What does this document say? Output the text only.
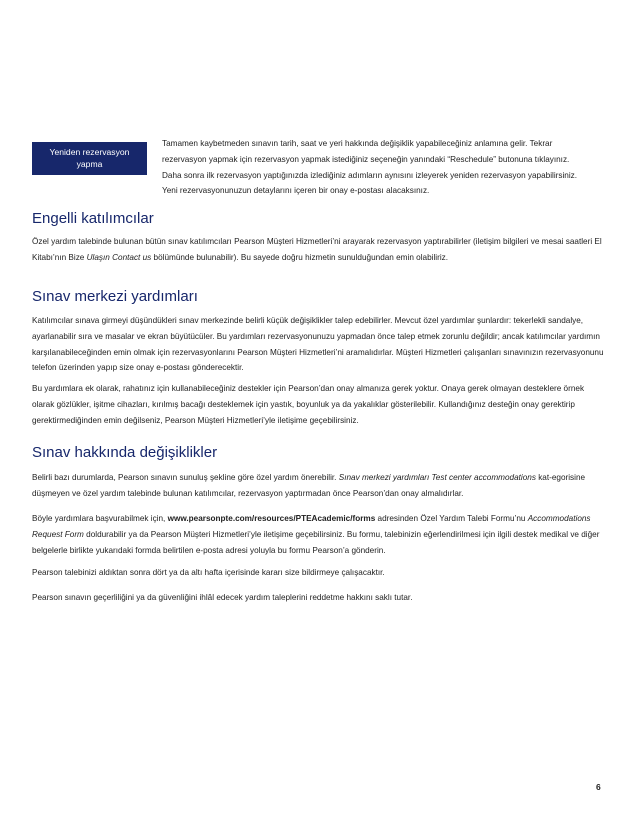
Yeniden rezervasyon yapma

Tamamen kaybetmeden sınavın tarih, saat ve yeri hakkında değişiklik yapabileceğiniz anlamına gelir. Tekrar

rezervasyon yapmak için rezervasyon yapmak istediğiniz seçeneğin yanındaki “Reschedule” butonuna tıklayınız.

Daha sonra ilk rezervasyon yaptığınızda izlediğiniz adımların aynısını izleyerek yeniden rezervasyon yapabilirsiniz.

Yeni rezervasyonunuzun detaylarını içeren bir onay e-postası alacaksınız.

Engelli katılımcılar

Özel yardım talebinde bulunan bütün sınav katılımcıları Pearson Müşteri Hizmetleri’ni arayarak rezervasyon yaptırabilirler (iletişim bilgileri ve mesai saatleri El Kitabı’nın Bize Ulaşın Contact us bölümünde bulunabilir). Bu sayede doğru hizmetin sunulduğundan emin olabiliriz.

Sınav merkezi yardımları

Katılımcılar sınava girmeyi düşündükleri sınav merkezinde belirli küçük değişiklikler talep edebilirler. Mevcut özel yardımlar şunlardır: tekerlekli sandalye, ayarlanabilir sıra ve masalar ve ekran büyütücüler. Bu yardımları rezervasyonunuzu yapmadan önce talep etmek zorunlu değildir; ancak katılımcılar yardımın karşılanabileceğinden emin olmak için rezervasyonlarını Pearson Müşteri Hizmetleri’ni aramalıdırlar. Müşteri Hizmetleri çalışanları sınavınızın rezervasyonunu telefon üzerinden yapıp size onay e-postası gönderecektir.

Bu yardımlara ek olarak, rahatınız için kullanabileceğiniz destekler için Pearson’dan onay almanıza gerek yoktur. Onaya gerek olmayan desteklere örnek olarak gözlükler, işitme cihazları, kırılmış bacağı desteklemek için yastık, boyunluk ya da yakalıklar gösterilebilir. Kullandığınız desteğin onay gerektirip gerektirmediğinden emin değilseniz, Pearson Müşteri Hizmetleri’yle iletişime geçebilirsiniz.

Sınav hakkında değişiklikler

Belirli bazı durumlarda, Pearson sınavın sunuluş şekline göre özel yardım önerebilir. Sınav merkezi yardımları Test center accommodations kat-egorisine düşmeyen ve özel yardım talebinde bulunan katılımcılar, rezervasyon yaptırmadan önce Pearson’dan onay almalıdırlar.

Böyle yardımlara başvurabilmek için, www.pearsonpte.com/resources/PTEAcademic/forms adresinden Özel Yardım Talebi Formu’nu Accommodations Request Form doldurabilir ya da Pearson Müşteri Hizmetleri’yle iletişime geçebilirsiniz. Bu formu, talebinizin eğerlendirilmesi için ilgili destek medikal ve diğer belgelerle birlikte yukarıdaki formda belirtilen e-posta adresi yoluyla bu formu Pearson’a gönderin.

Pearson talebinizi aldıktan sonra dört ya da altı hafta içerisinde kararı size bildirmeye çalışacaktır.

Pearson sınavın geçerliliğini ya da güvenliğini ihlâl edecek yardım taleplerini reddetme hakkını saklı tutar.

6
